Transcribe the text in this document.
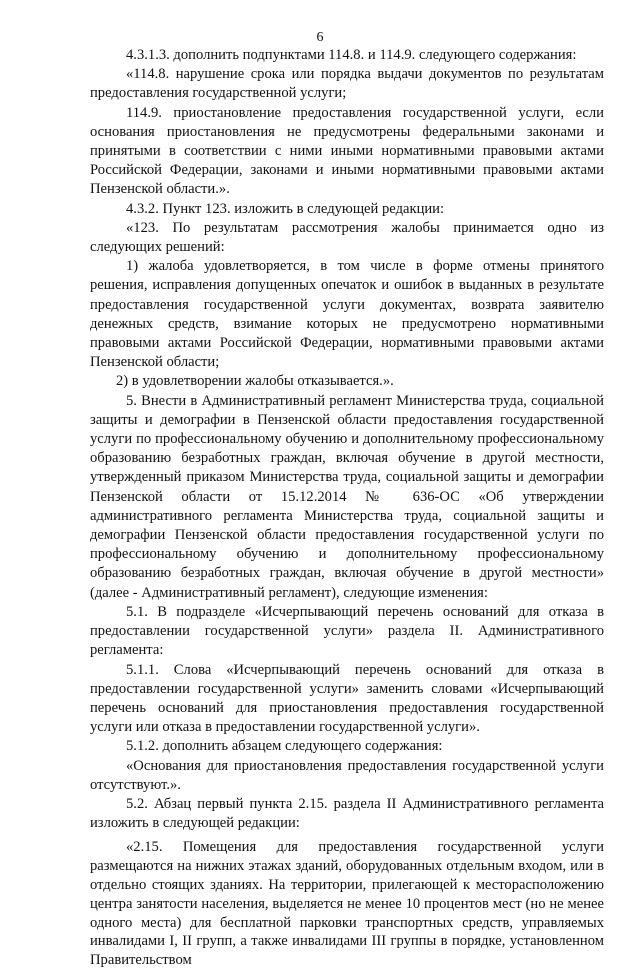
6

4.3.1.3. дополнить подпунктами 114.8. и 114.9. следующего содержания:

«114.8. нарушение срока или порядка выдачи документов по результатам предоставления государственной услуги;

114.9. приостановление предоставления государственной услуги, если основания приостановления не предусмотрены федеральными законами и принятыми в соответствии с ними иными нормативными правовыми актами Российской Федерации, законами и иными нормативными правовыми актами Пензенской области.».

4.3.2. Пункт 123. изложить в следующей редакции:

«123. По результатам рассмотрения жалобы принимается одно из следующих решений:

1) жалоба удовлетворяется, в том числе в форме отмены принятого решения, исправления допущенных опечаток и ошибок в выданных в результате предоставления государственной услуги документах, возврата заявителю денежных средств, взимание которых не предусмотрено нормативными правовыми актами Российской Федерации, нормативными правовыми актами Пензенской области;

2) в удовлетворении жалобы отказывается.».

5. Внести в Административный регламент Министерства труда, социальной защиты и демографии в Пензенской области предоставления государственной услуги по профессиональному обучению и дополнительному профессиональному образованию безработных граждан, включая обучение в другой местности, утвержденный приказом Министерства труда, социальной защиты и демографии Пензенской области от 15.12.2014 № 636-ОС «Об утверждении административного регламента Министерства труда, социальной защиты и демографии Пензенской области предоставления государственной услуги по профессиональному обучению и дополнительному профессиональному образованию безработных граждан, включая обучение в другой местности» (далее - Административный регламент), следующие изменения:

5.1. В подразделе «Исчерпывающий перечень оснований для отказа в предоставлении государственной услуги» раздела II. Административного регламента:

5.1.1. Слова «Исчерпывающий перечень оснований для отказа в предоставлении государственной услуги» заменить словами «Исчерпывающий перечень оснований для приостановления предоставления государственной услуги или отказа в предоставлении государственной услуги».

5.1.2. дополнить абзацем следующего содержания:

«Основания для приостановления предоставления государственной услуги отсутствуют.».

5.2. Абзац первый пункта 2.15. раздела II Административного регламента изложить в следующей редакции:

«2.15. Помещения для предоставления государственной услуги размещаются на нижних этажах зданий, оборудованных отдельным входом, или в отдельно стоящих зданиях. На территории, прилегающей к месторасположению центра занятости населения, выделяется не менее 10 процентов мест (но не менее одного места) для бесплатной парковки транспортных средств, управляемых инвалидами I, II групп, а также инвалидами III группы в порядке, установленном Правительством
